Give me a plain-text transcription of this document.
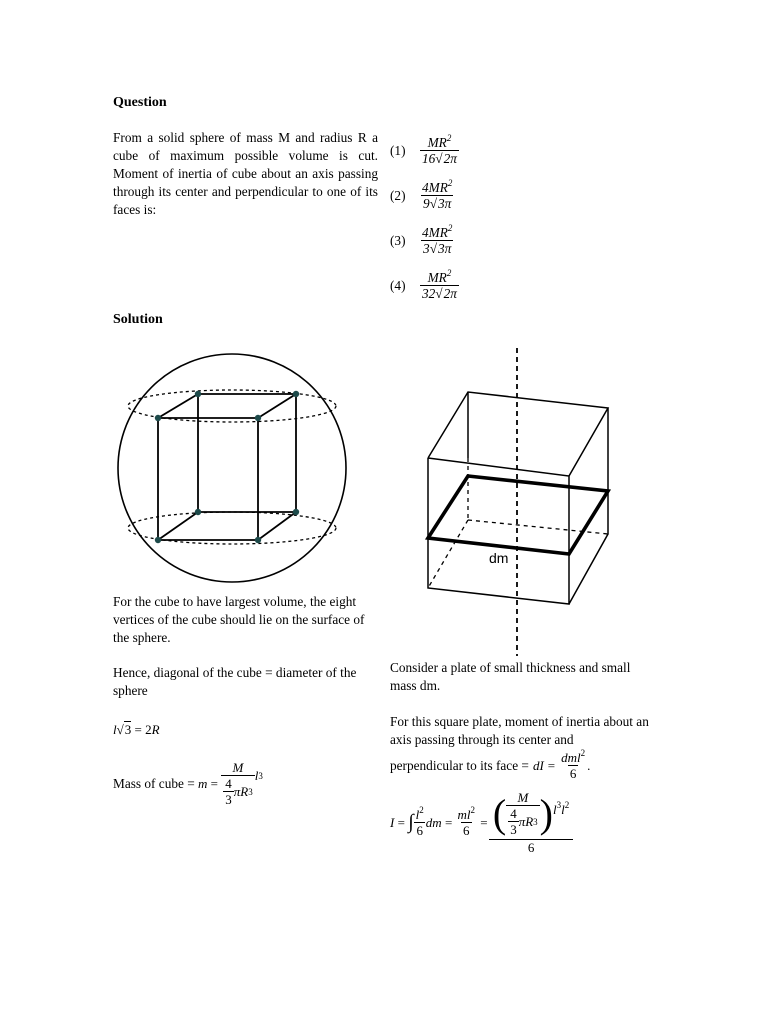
Question
From a solid sphere of mass M and radius R a cube of maximum possible volume is cut. Moment of inertia of cube about an axis passing through its center and perpendicular to one of its faces is:
(1)	$\frac{MR^2}{16√2\pi}$
(2)	$\frac{4MR^2}{9√3\pi}$
(3)	$\frac{4MR^2}{3√3\pi}$
(4)	$\frac{MR^2}{32√2\pi}$
Solution
dm
For the cube to have largest volume, the eight vertices of the cube should lie on the surface of the sphere.
Hence, diagonal of the cube = diameter of the sphere
l√3 = 2R
Mass of cube =
m
=
$\frac{M}{\frac{4}{3} \pi R 3}$ l 3
Consider a plate of small thickness and small mass dm.
For this square plate, moment of inertia about an axis passing through its center and
perpendicular to its face =
dI
=
$\frac{dml^2}{6}$ .
I
=
∫ $\frac{l^2}{6}$ dm
=
$\frac{ml^2}{6}$
=
( $\frac{M}{\frac{4}{3} \pi R 3}$ ) $l^3l^2$
6
